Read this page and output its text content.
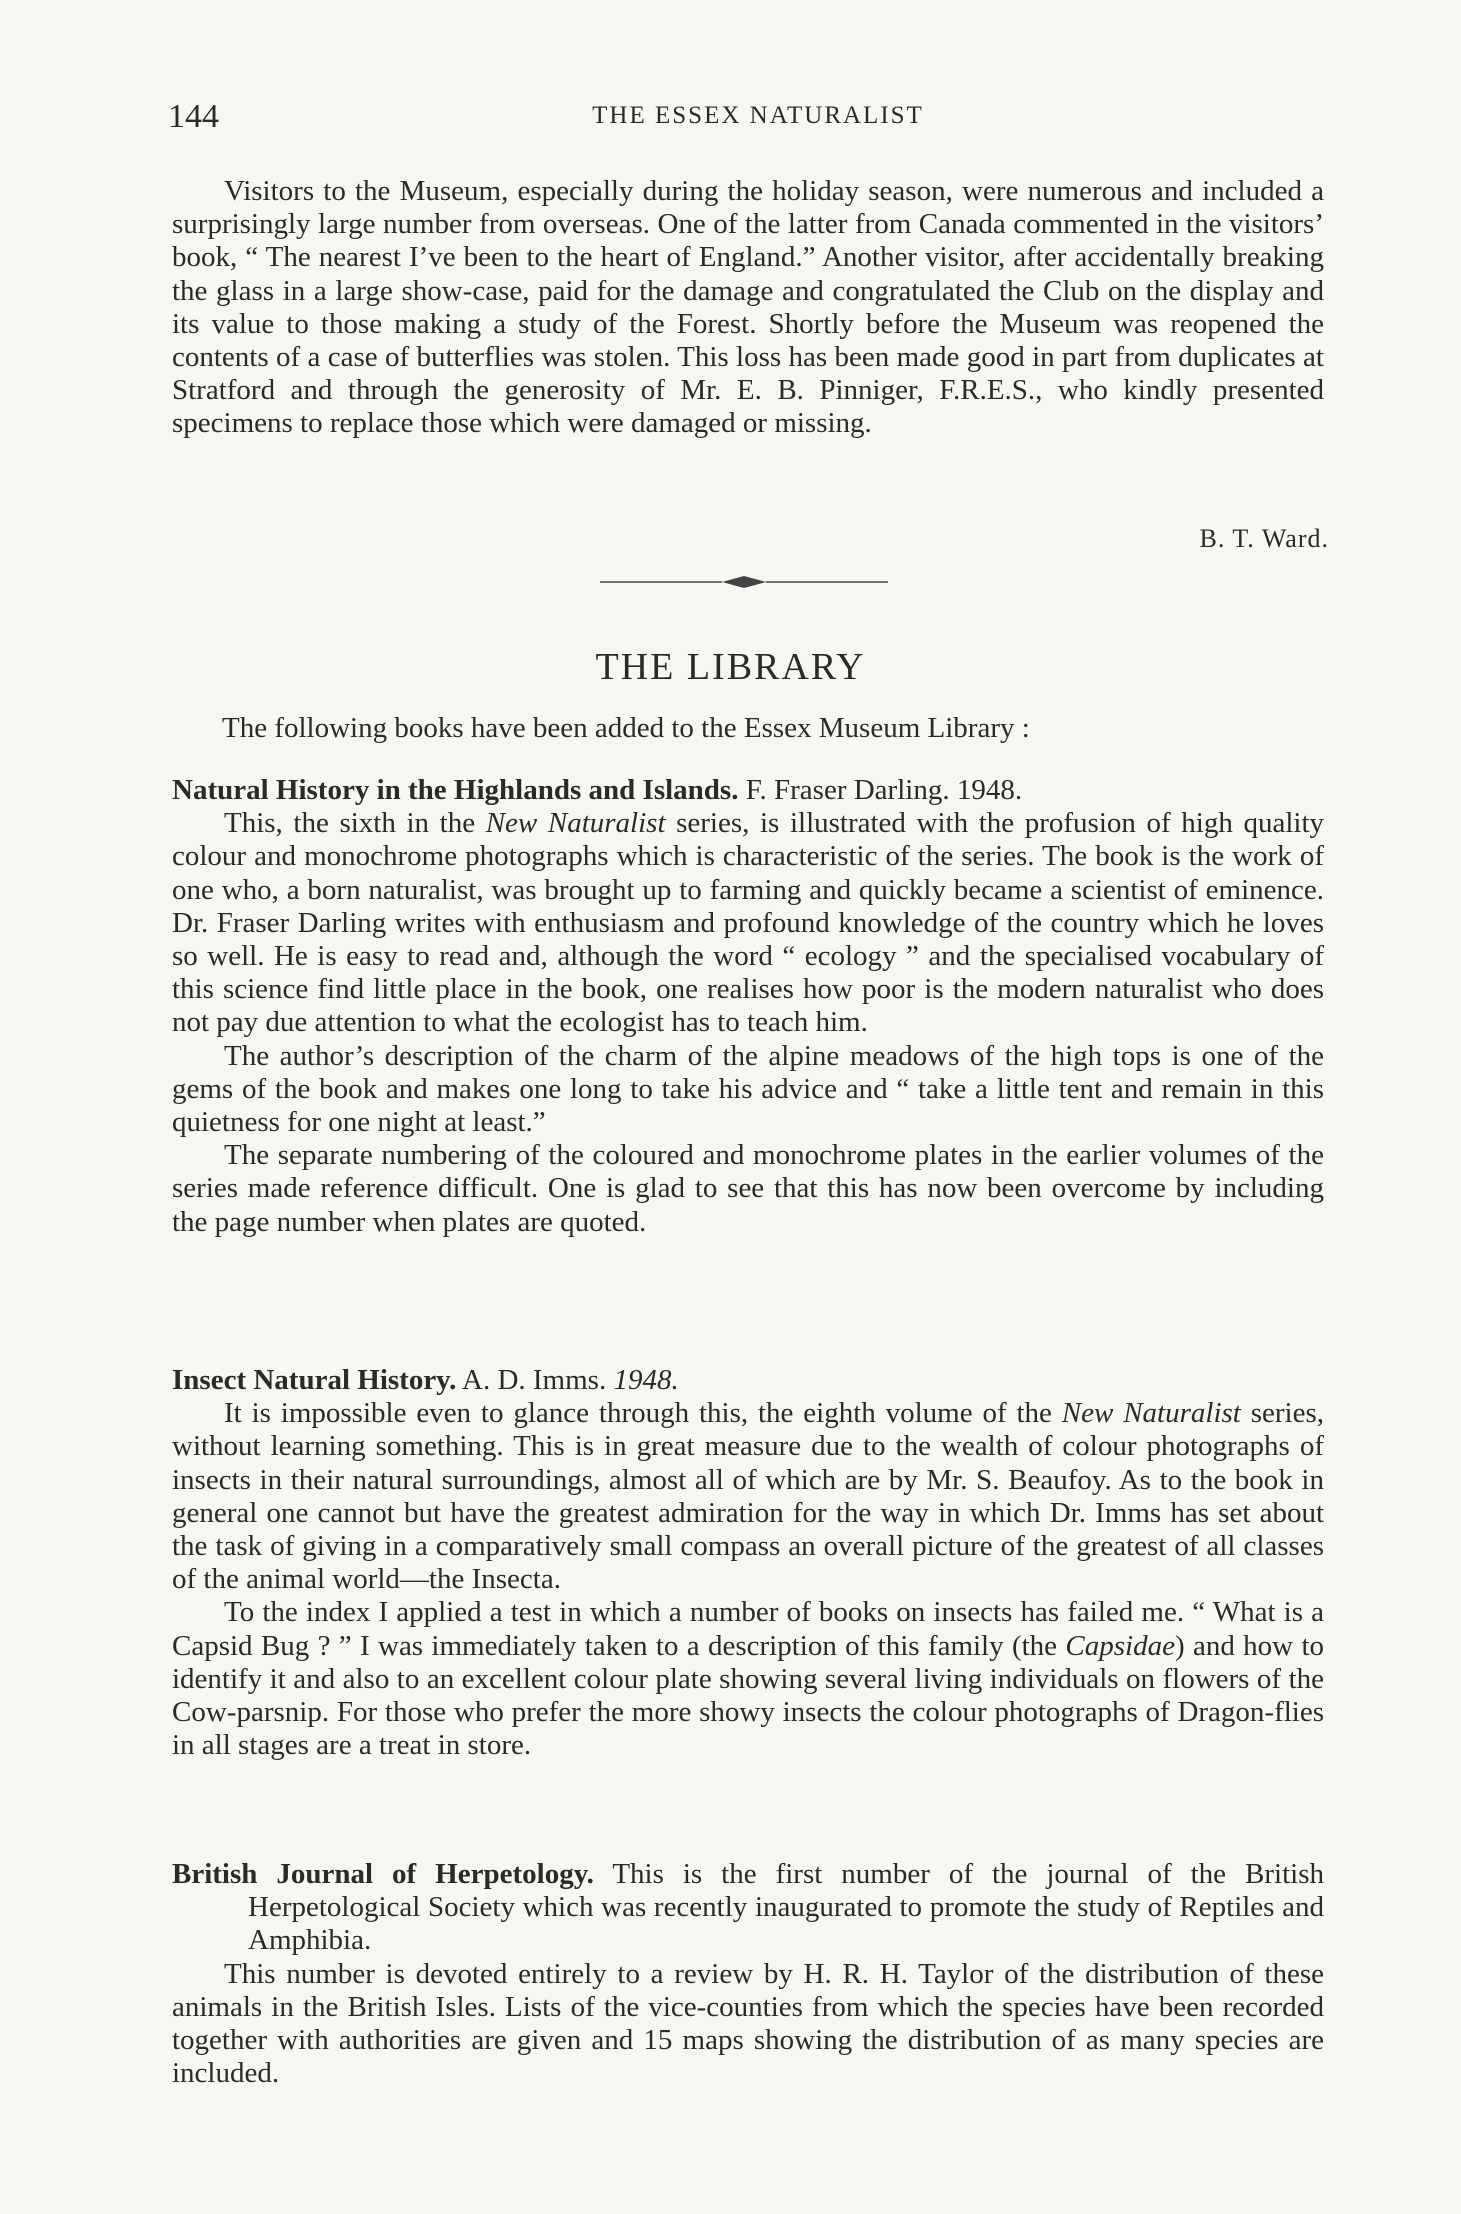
144	THE ESSEX NATURALIST

Visitors to the Museum, especially during the holiday season, were numerous and included a surprisingly large number from overseas. One of the latter from Canada commented in the visitors’ book, “ The nearest I’ve been to the heart of England.” Another visitor, after accidentally breaking the glass in a large show-case, paid for the damage and congratulated the Club on the display and its value to those making a study of the Forest. Shortly before the Museum was reopened the contents of a case of butterflies was stolen. This loss has been made good in part from duplicates at Stratford and through the generosity of Mr. E. B. Pinniger, F.R.E.S., who kindly presented specimens to replace those which were damaged or missing.

B. T. Ward.
THE LIBRARY
The following books have been added to the Essex Museum Library :

Natural History in the Highlands and Islands. F. Fraser Darling. 1948.

This, the sixth in the New Naturalist series, is illustrated with the profusion of high quality colour and monochrome photographs which is characteristic of the series. The book is the work of one who, a born naturalist, was brought up to farming and quickly became a scientist of eminence. Dr. Fraser Darling writes with enthusiasm and profound knowledge of the country which he loves so well. He is easy to read and, although the word “ ecology ” and the specialised vocabulary of this science find little place in the book, one realises how poor is the modern naturalist who does not pay due attention to what the ecologist has to teach him.

The author’s description of the charm of the alpine meadows of the high tops is one of the gems of the book and makes one long to take his advice and “ take a little tent and remain in this quietness for one night at least.”

The separate numbering of the coloured and monochrome plates in the earlier volumes of the series made reference difficult. One is glad to see that this has now been overcome by including the page number when plates are quoted.

Insect Natural History. A. D. Imms. 1948.

It is impossible even to glance through this, the eighth volume of the New Naturalist series, without learning something. This is in great measure due to the wealth of colour photographs of insects in their natural surroundings, almost all of which are by Mr. S. Beaufoy. As to the book in general one cannot but have the greatest admiration for the way in which Dr. Imms has set about the task of giving in a comparatively small compass an overall picture of the greatest of all classes of the animal world—the Insecta.

To the index I applied a test in which a number of books on insects has failed me. “ What is a Capsid Bug ? ” I was immediately taken to a description of this family (the Capsidae) and how to identify it and also to an excellent colour plate showing several living individuals on flowers of the Cow-parsnip. For those who prefer the more showy insects the colour photographs of Dragon-flies in all stages are a treat in store.

British Journal of Herpetology. This is the first number of the journal of the British Herpetological Society which was recently inaugurated to promote the study of Reptiles and Amphibia.

This number is devoted entirely to a review by H. R. H. Taylor of the distribution of these animals in the British Isles. Lists of the vice-counties from which the species have been recorded together with authorities are given and 15 maps showing the distribution of as many species are included.
